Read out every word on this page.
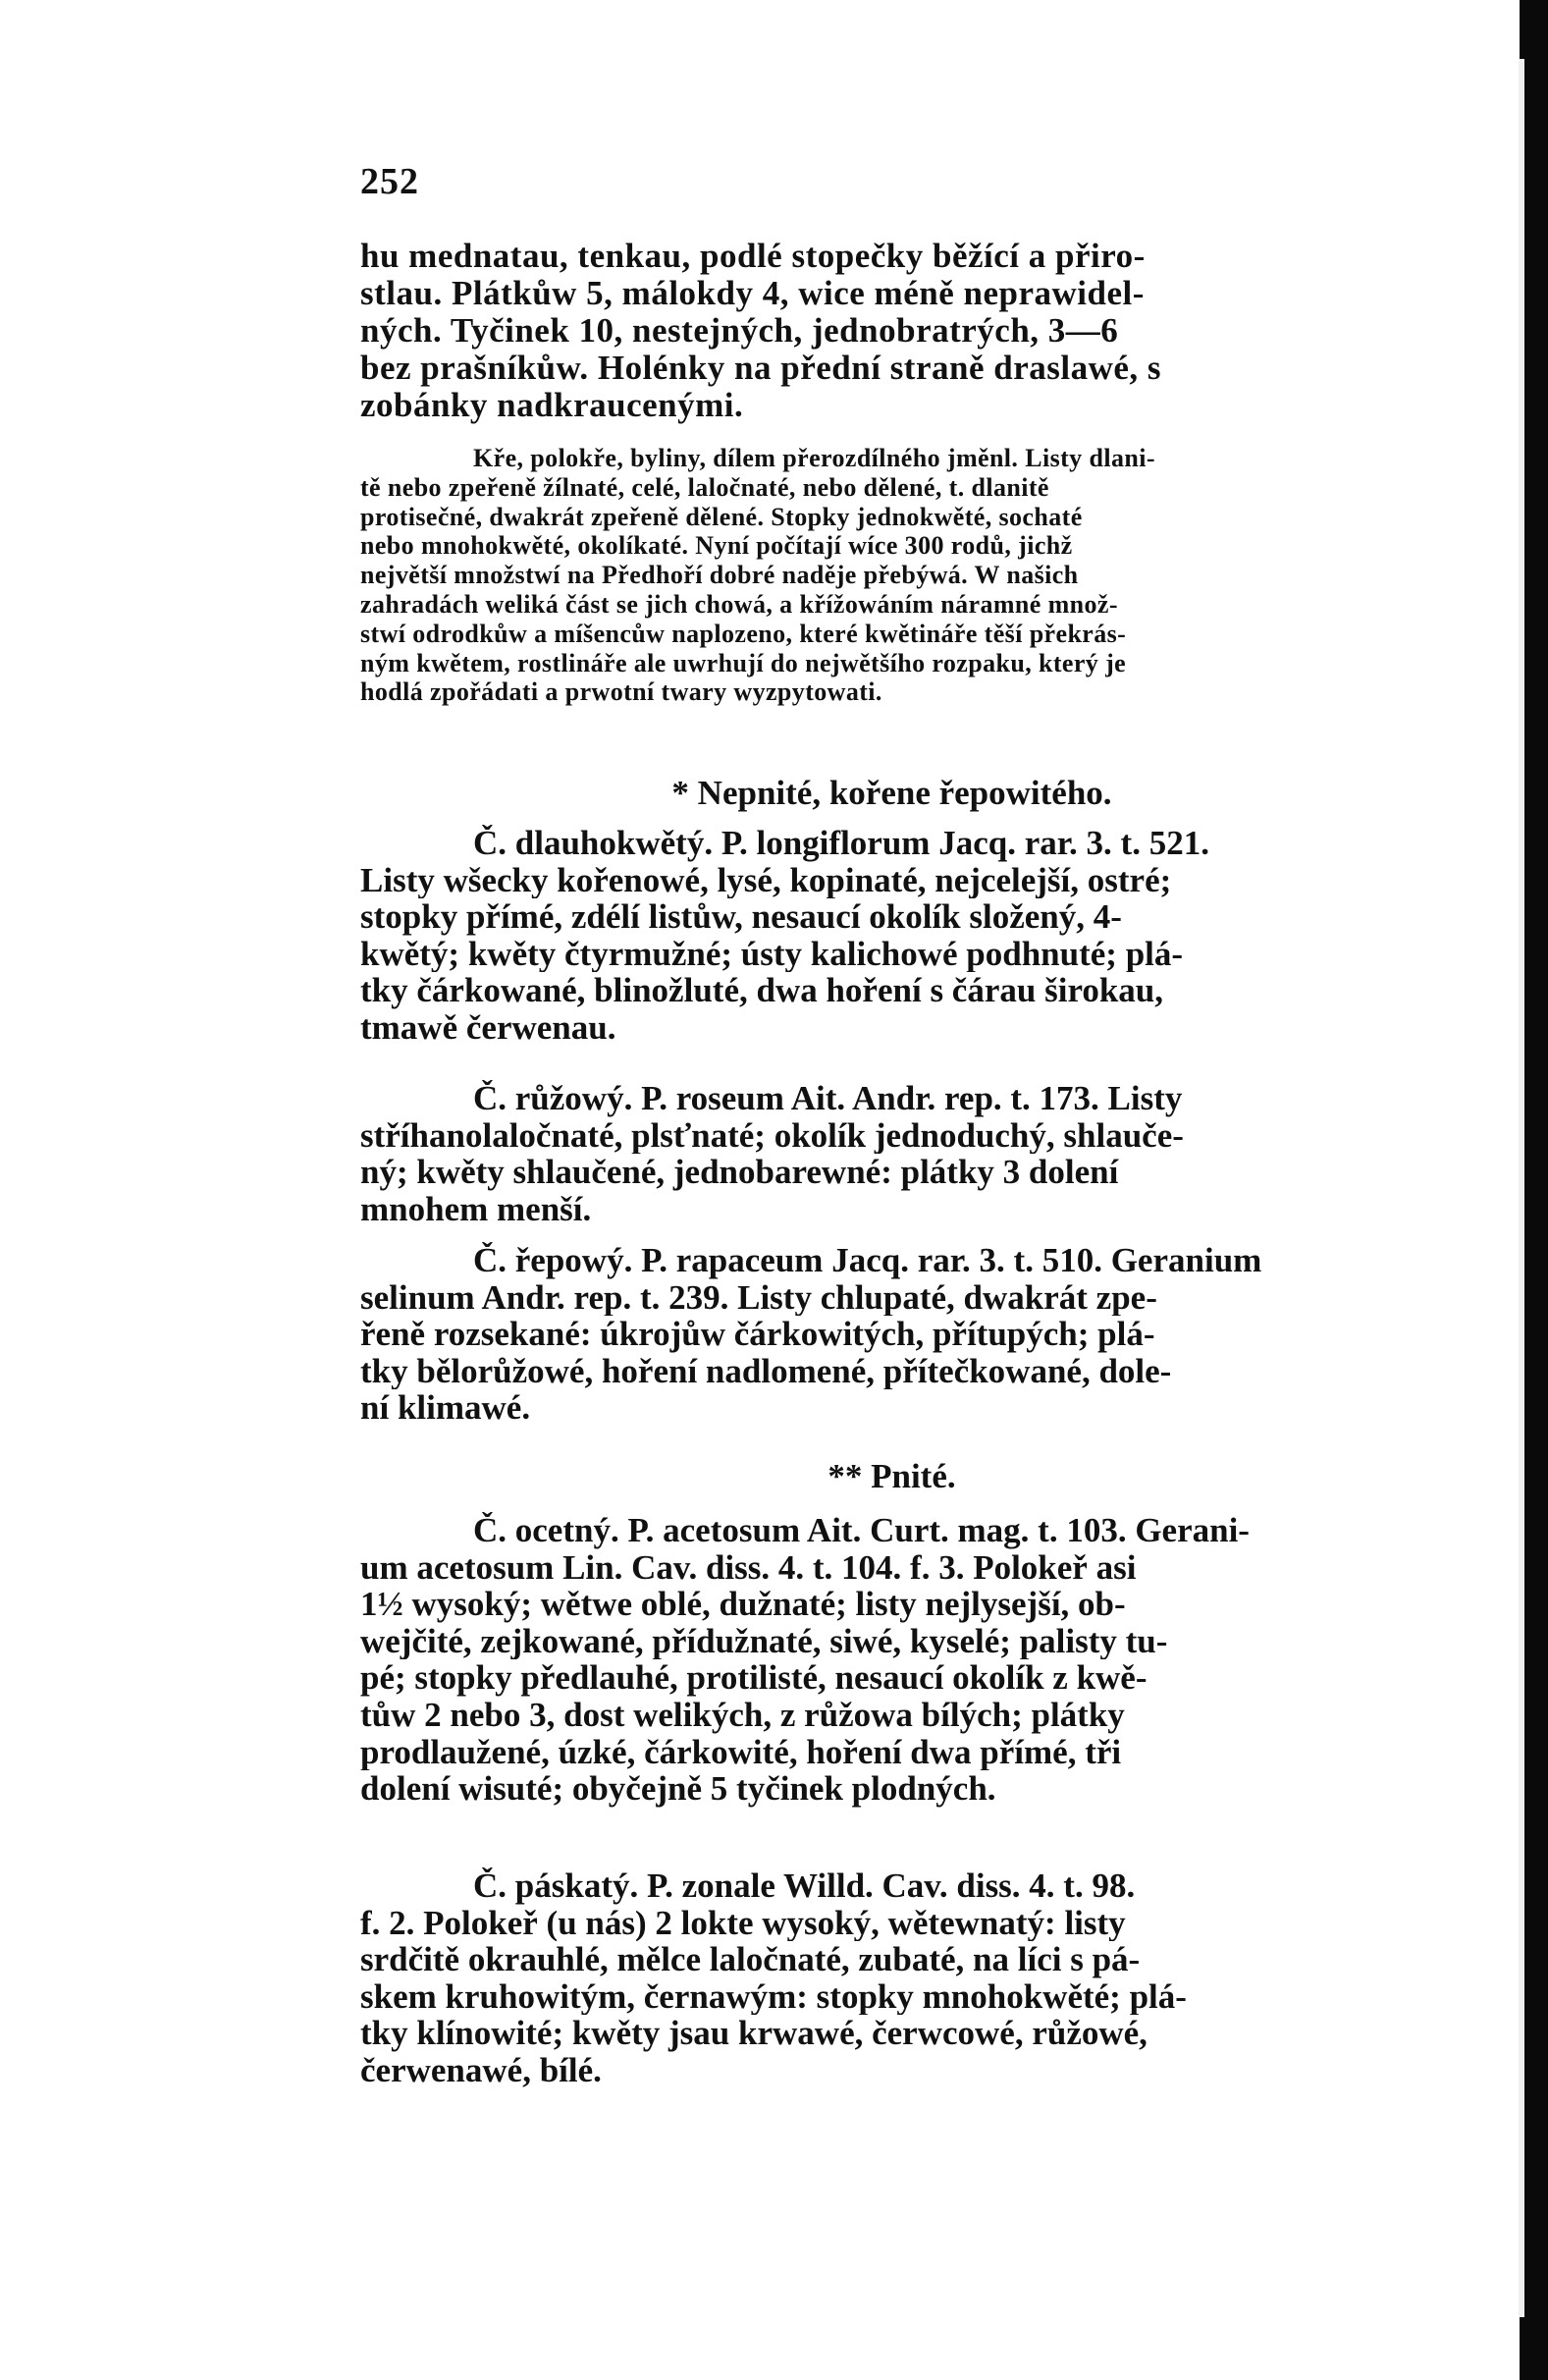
252
hu mednatau, tenkau, podlé stopečky běžící a přiro-
stlau. Plátkůw 5, málokdy 4, wice méně neprawidel-
ných. Tyčinek 10, nestejných, jednobratrých, 3—6
bez prašníkůw. Holénky na přední straně draslawé, s
zobánky nadkraucenými.
Kře, polokře, byliny, dílem přerozdílného jměnl. Listy dlani-
tě nebo zpeřeně žílnaté, celé, laločnaté, nebo dělené, t. dlanitě
protisečné, dwakrát zpeřeně dělené. Stopky jednokwěté, sochaté
nebo mnohokwěté, okolíkaté. Nyní počítají wíce 300 rodů, jichž
největší množstwí na Předhoří dobré naděje přebýwá. W našich
zahradách weliká část se jich chowá, a křížowáním náramné množ-
stwí odrodkůw a míšencůw naplozeno, které kwětináře těší překrás-
ným kwětem, rostlináře ale uwrhují do nejwětšího rozpaku, který je
hodlá zpořádati a prwotní twary wyzpytowati.
* Nepnité, kořene řepowitého.
Č. dlauhokwětý. P. longiflorum Jacq. rar. 3. t. 521.
Listy wšecky kořenowé, lysé, kopinaté, nejcelejší, ostré;
stopky přímé, zdélí listůw, nesaucí okolík složený, 4-
kwětý; kwěty čtyrmužné; ústy kalichowé podhnuté; plá-
tky čárkowané, blinožluté, dwa hoření s čárau širokau,
tmawě čerwenau.
Č. růžowý. P. roseum Ait. Andr. rep. t. 173. Listy
stříhanolaločnaté, plsťnaté; okolík jednoduchý, shlauče-
ný; kwěty shlaučené, jednobarewné: plátky 3 dolení
mnohem menší.
Č. řepowý. P. rapaceum Jacq. rar. 3. t. 510. Geranium
selinum Andr. rep. t. 239. Listy chlupaté, dwakrát zpe-
řeně rozsekané: úkrojůw čárkowitých, přítupých; plá-
tky bělorůžowé, hoření nadlomené, přítečkowané, dole-
ní klimawé.
** Pnité.
Č. ocetný. P. acetosum Ait. Curt. mag. t. 103. Gerani-
um acetosum Lin. Cav. diss. 4. t. 104. f. 3. Polokeř asi
1½ wysoký; wětwe oblé, dužnaté; listy nejlysejší, ob-
wejčité, zejkowané, přídužnaté, siwé, kyselé; palisty tu-
pé; stopky předlauhé, protilisté, nesaucí okolík z kwě-
tůw 2 nebo 3, dost welikých, z růžowa bílých; plátky
prodlaužené, úzké, čárkowité, hoření dwa přímé, tři
dolení wisuté; obyčejně 5 tyčinek plodných.
Č. páskatý. P. zonale Willd. Cav. diss. 4. t. 98.
f. 2. Polokeř (u nás) 2 lokte wysoký, wětewnatý: listy
srdčitě okrauhlé, mělce laločnaté, zubaté, na líci s pá-
skem kruhowitým, černawým: stopky mnohokwěté; plá-
tky klínowité; kwěty jsau krwawé, čerwcowé, růžowé,
čerwenawé, bílé.
